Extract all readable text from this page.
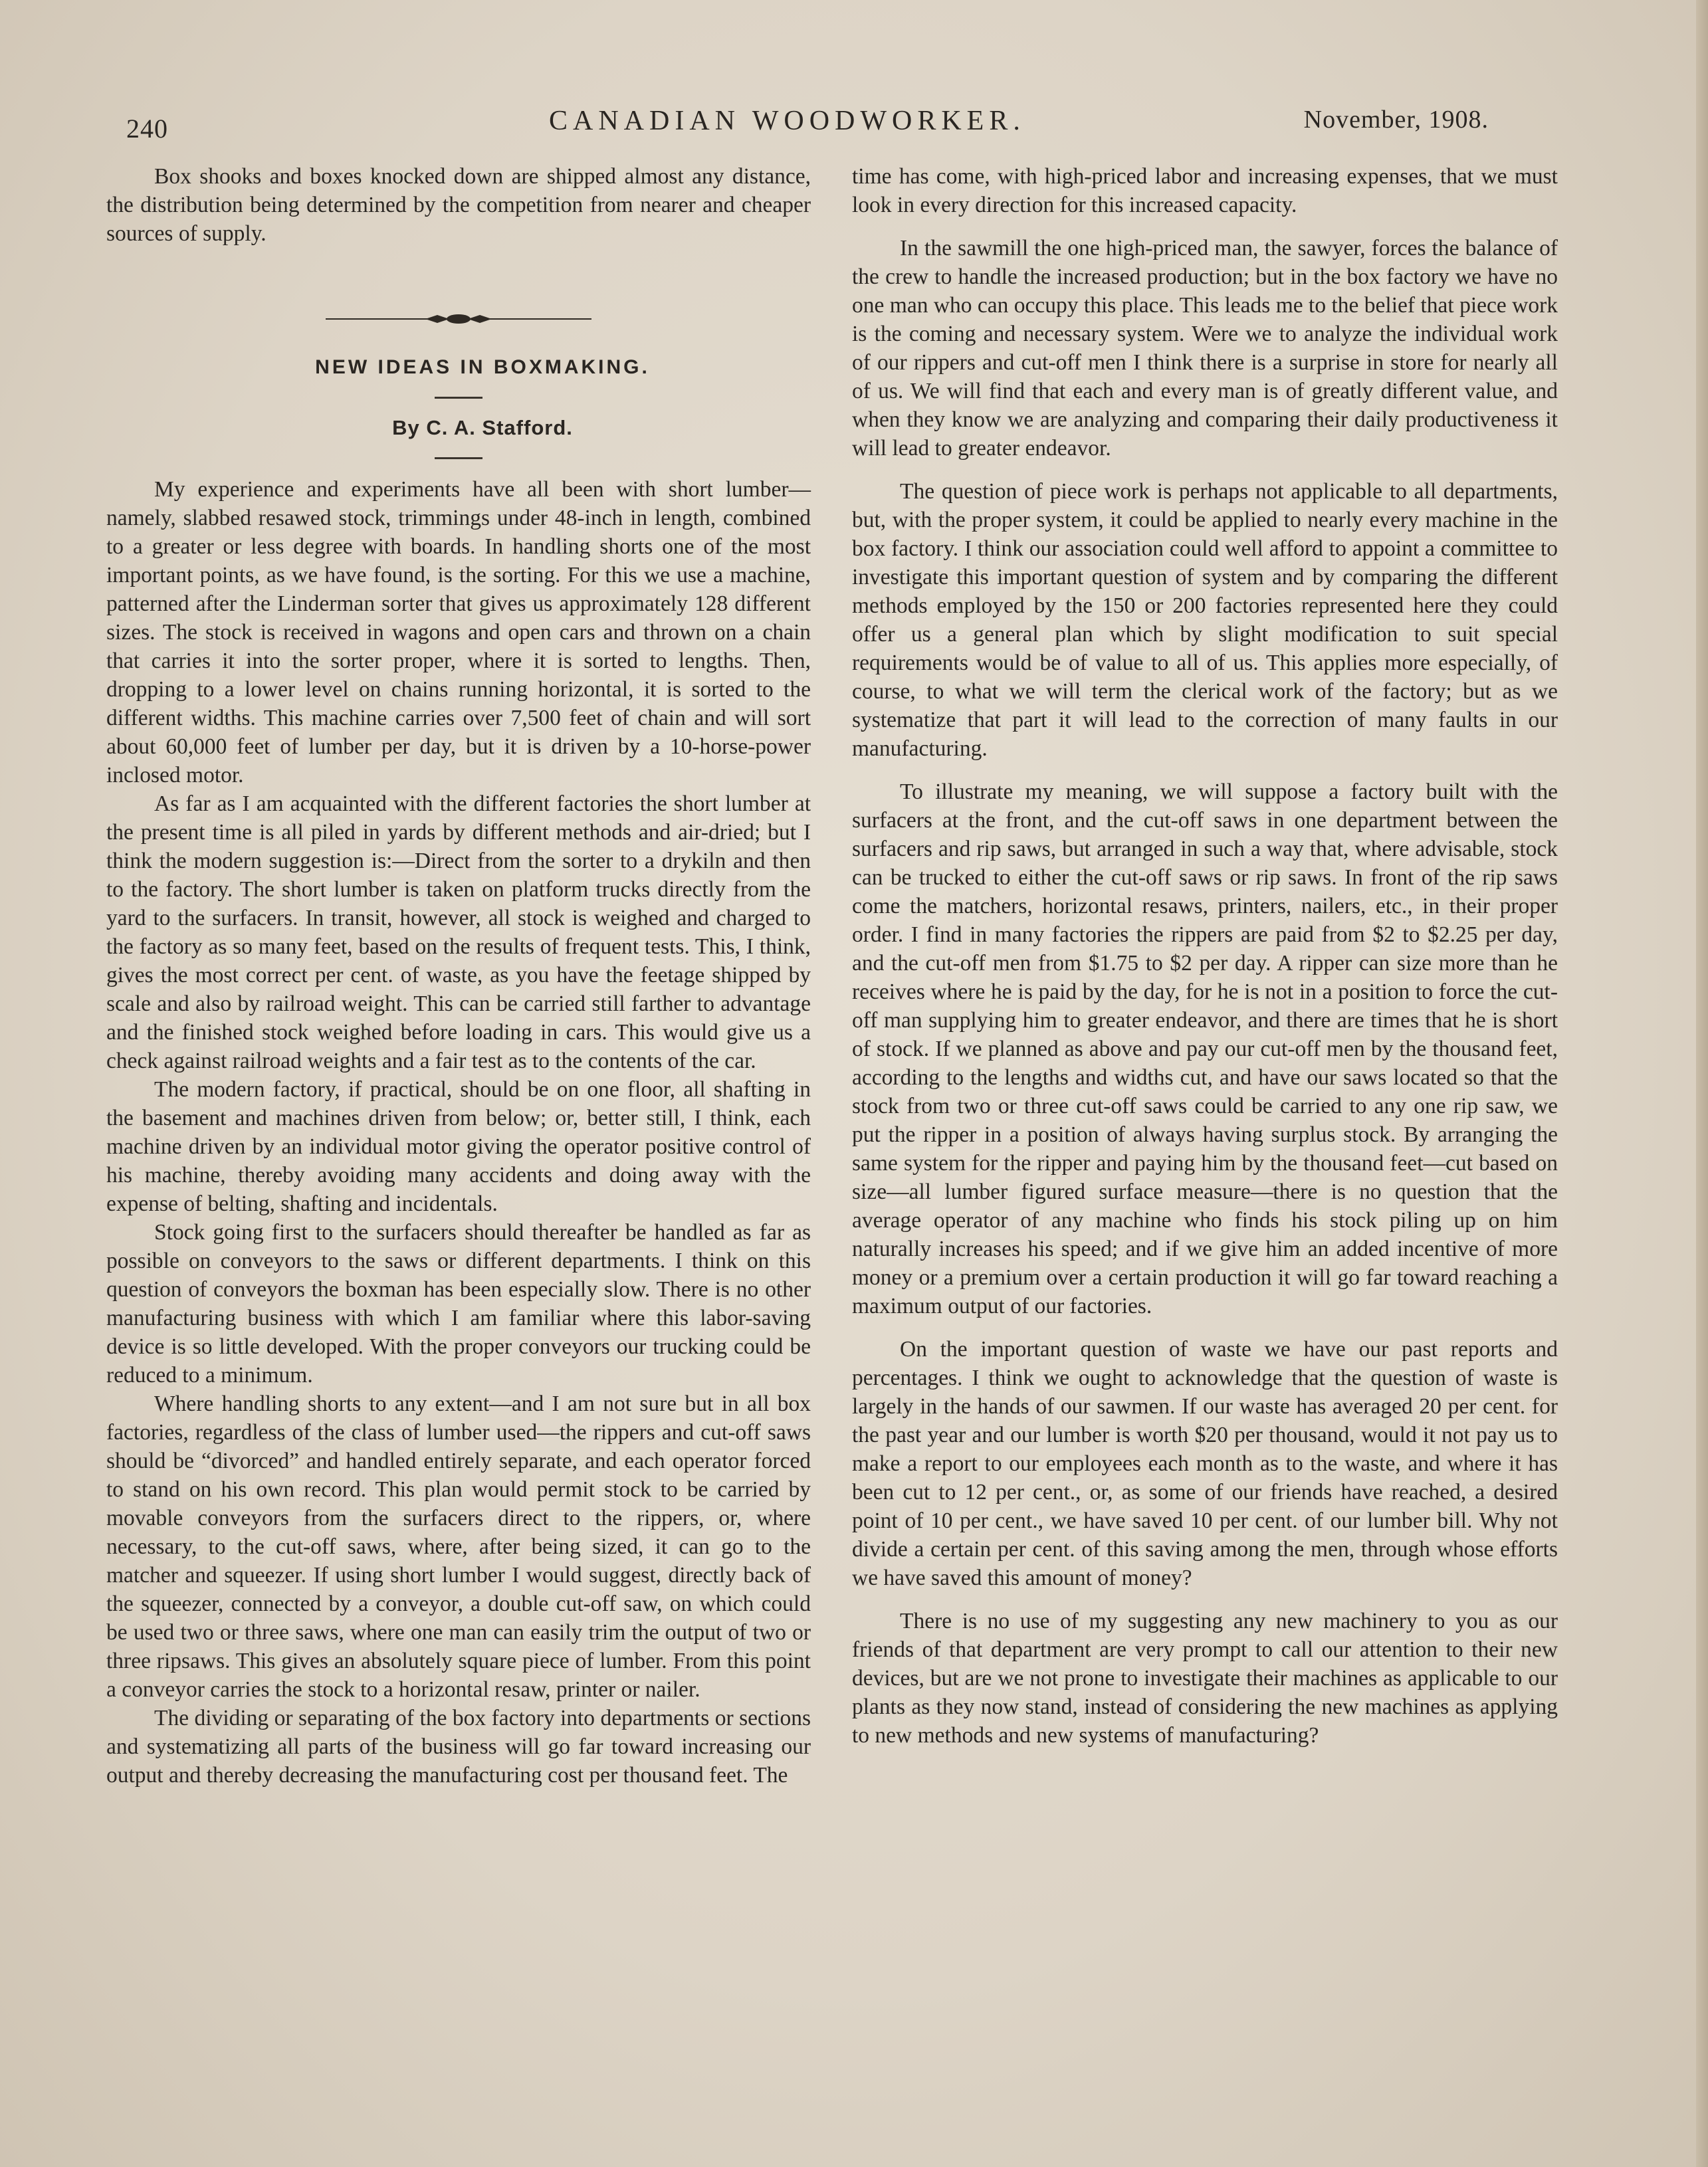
240	CANADIAN WOODWORKER.	November, 1908.

Box shooks and boxes knocked down are shipped almost any distance, the distribution being determined by the competition from nearer and cheaper sources of supply.

NEW IDEAS IN BOXMAKING.

By C. A. Stafford.

My experience and experiments have all been with short lumber—namely, slabbed resawed stock, trimmings under 48-inch in length, combined to a greater or less degree with boards. In handling shorts one of the most important points, as we have found, is the sorting. For this we use a machine, patterned after the Linderman sorter that gives us approximately 128 different sizes. The stock is received in wagons and open cars and thrown on a chain that carries it into the sorter proper, where it is sorted to lengths. Then, dropping to a lower level on chains running horizontal, it is sorted to the different widths. This machine carries over 7,500 feet of chain and will sort about 60,000 feet of lumber per day, but it is driven by a 10-horse-power inclosed motor.

As far as I am acquainted with the different factories the short lumber at the present time is all piled in yards by different methods and air-dried; but I think the modern suggestion is:—Direct from the sorter to a drykiln and then to the factory. The short lumber is taken on platform trucks directly from the yard to the surfacers. In transit, however, all stock is weighed and charged to the factory as so many feet, based on the results of frequent tests. This, I think, gives the most correct per cent. of waste, as you have the feetage shipped by scale and also by railroad weight. This can be carried still farther to advantage and the finished stock weighed before loading in cars. This would give us a check against railroad weights and a fair test as to the contents of the car.

The modern factory, if practical, should be on one floor, all shafting in the basement and machines driven from below; or, better still, I think, each machine driven by an individual motor giving the operator positive control of his machine, thereby avoiding many accidents and doing away with the expense of belting, shafting and incidentals.

Stock going first to the surfacers should thereafter be handled as far as possible on conveyors to the saws or different departments. I think on this question of conveyors the boxman has been especially slow. There is no other manufacturing business with which I am familiar where this labor-saving device is so little developed. With the proper conveyors our trucking could be reduced to a minimum.

Where handling shorts to any extent—and I am not sure but in all box factories, regardless of the class of lumber used—the rippers and cut-off saws should be “divorced” and handled entirely separate, and each operator forced to stand on his own record. This plan would permit stock to be carried by movable conveyors from the surfacers direct to the rippers, or, where necessary, to the cut-off saws, where, after being sized, it can go to the matcher and squeezer. If using short lumber I would suggest, directly back of the squeezer, connected by a conveyor, a double cut-off saw, on which could be used two or three saws, where one man can easily trim the output of two or three ripsaws. This gives an absolutely square piece of lumber. From this point a conveyor carries the stock to a horizontal resaw, printer or nailer.

The dividing or separating of the box factory into departments or sections and systematizing all parts of the business will go far toward increasing our output and thereby decreasing the manufacturing cost per thousand feet. The

time has come, with high-priced labor and increasing expenses, that we must look in every direction for this increased capacity.

In the sawmill the one high-priced man, the sawyer, forces the balance of the crew to handle the increased production; but in the box factory we have no one man who can occupy this place. This leads me to the belief that piece work is the coming and necessary system. Were we to analyze the individual work of our rippers and cut-off men I think there is a surprise in store for nearly all of us. We will find that each and every man is of greatly different value, and when they know we are analyzing and comparing their daily productiveness it will lead to greater endeavor.

The question of piece work is perhaps not applicable to all departments, but, with the proper system, it could be applied to nearly every machine in the box factory. I think our association could well afford to appoint a committee to investigate this important question of system and by comparing the different methods employed by the 150 or 200 factories represented here they could offer us a general plan which by slight modification to suit special requirements would be of value to all of us. This applies more especially, of course, to what we will term the clerical work of the factory; but as we systematize that part it will lead to the correction of many faults in our manufacturing.

To illustrate my meaning, we will suppose a factory built with the surfacers at the front, and the cut-off saws in one department between the surfacers and rip saws, but arranged in such a way that, where advisable, stock can be trucked to either the cut-off saws or rip saws. In front of the rip saws come the matchers, horizontal resaws, printers, nailers, etc., in their proper order. I find in many factories the rippers are paid from $2 to $2.25 per day, and the cut-off men from $1.75 to $2 per day. A ripper can size more than he receives where he is paid by the day, for he is not in a position to force the cut-off man supplying him to greater endeavor, and there are times that he is short of stock. If we planned as above and pay our cut-off men by the thousand feet, according to the lengths and widths cut, and have our saws located so that the stock from two or three cut-off saws could be carried to any one rip saw, we put the ripper in a position of always having surplus stock. By arranging the same system for the ripper and paying him by the thousand feet—cut based on size—all lumber figured surface measure—there is no question that the average operator of any machine who finds his stock piling up on him naturally increases his speed; and if we give him an added incentive of more money or a premium over a certain production it will go far toward reaching a maximum output of our factories.

On the important question of waste we have our past reports and percentages. I think we ought to acknowledge that the question of waste is largely in the hands of our sawmen. If our waste has averaged 20 per cent. for the past year and our lumber is worth $20 per thousand, would it not pay us to make a report to our employees each month as to the waste, and where it has been cut to 12 per cent., or, as some of our friends have reached, a desired point of 10 per cent., we have saved 10 per cent. of our lumber bill. Why not divide a certain per cent. of this saving among the men, through whose efforts we have saved this amount of money?

There is no use of my suggesting any new machinery to you as our friends of that department are very prompt to call our attention to their new devices, but are we not prone to investigate their machines as applicable to our plants as they now stand, instead of considering the new machines as applying to new methods and new systems of manufacturing?
